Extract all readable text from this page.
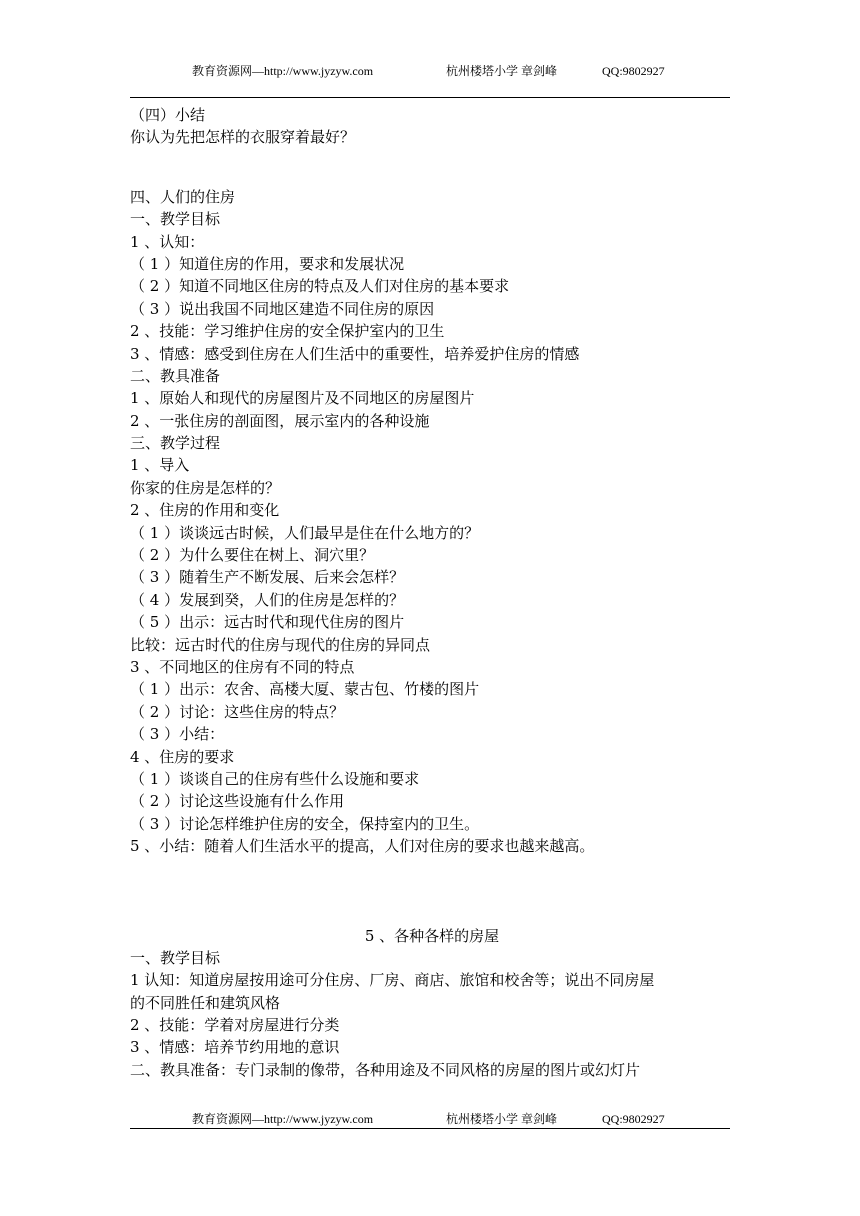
教育资源网—http://www.jyzyw.com	杭州楼塔小学 章剑峰	QQ:9802927
（四）小结
你认为先把怎样的衣服穿着最好？
四、人们的住房
一、教学目标
1 、认知：
（ 1 ）知道住房的作用，要求和发展状况
（ 2 ）知道不同地区住房的特点及人们对住房的基本要求
（ 3 ）说出我国不同地区建造不同住房的原因
2 、技能：学习维护住房的安全保护室内的卫生
3 、情感：感受到住房在人们生活中的重要性，培养爱护住房的情感
二、教具准备
1 、原始人和现代的房屋图片及不同地区的房屋图片
2 、一张住房的剖面图，展示室内的各种设施
三、教学过程
1 、导入
你家的住房是怎样的？
2 、住房的作用和变化
（ 1 ）谈谈远古时候，人们最早是住在什么地方的？
（ 2 ）为什么要住在树上、洞穴里？
（ 3 ）随着生产不断发展、后来会怎样？
（ 4 ）发展到癸，人们的住房是怎样的？
（ 5 ）出示：远古时代和现代住房的图片
比较：远古时代的住房与现代的住房的异同点
3 、不同地区的住房有不同的特点
（ 1 ）出示：农舍、高楼大厦、蒙古包、竹楼的图片
（ 2 ）讨论：这些住房的特点？
（ 3 ）小结：
4 、住房的要求
（ 1 ）谈谈自己的住房有些什么设施和要求
（ 2 ）讨论这些设施有什么作用
（ 3 ）讨论怎样维护住房的安全，保持室内的卫生。
5 、小结：随着人们生活水平的提高，人们对住房的要求也越来越高。
5 、各种各样的房屋
一、教学目标
1 认知：知道房屋按用途可分住房、厂房、商店、旅馆和校舍等；说出不同房屋
的不同胜任和建筑风格
2 、技能：学着对房屋进行分类
3 、情感：培养节约用地的意识
二、教具准备：专门录制的像带，各种用途及不同风格的房屋的图片或幻灯片
教育资源网—http://www.jyzyw.com	杭州楼塔小学 章剑峰	QQ:9802927
